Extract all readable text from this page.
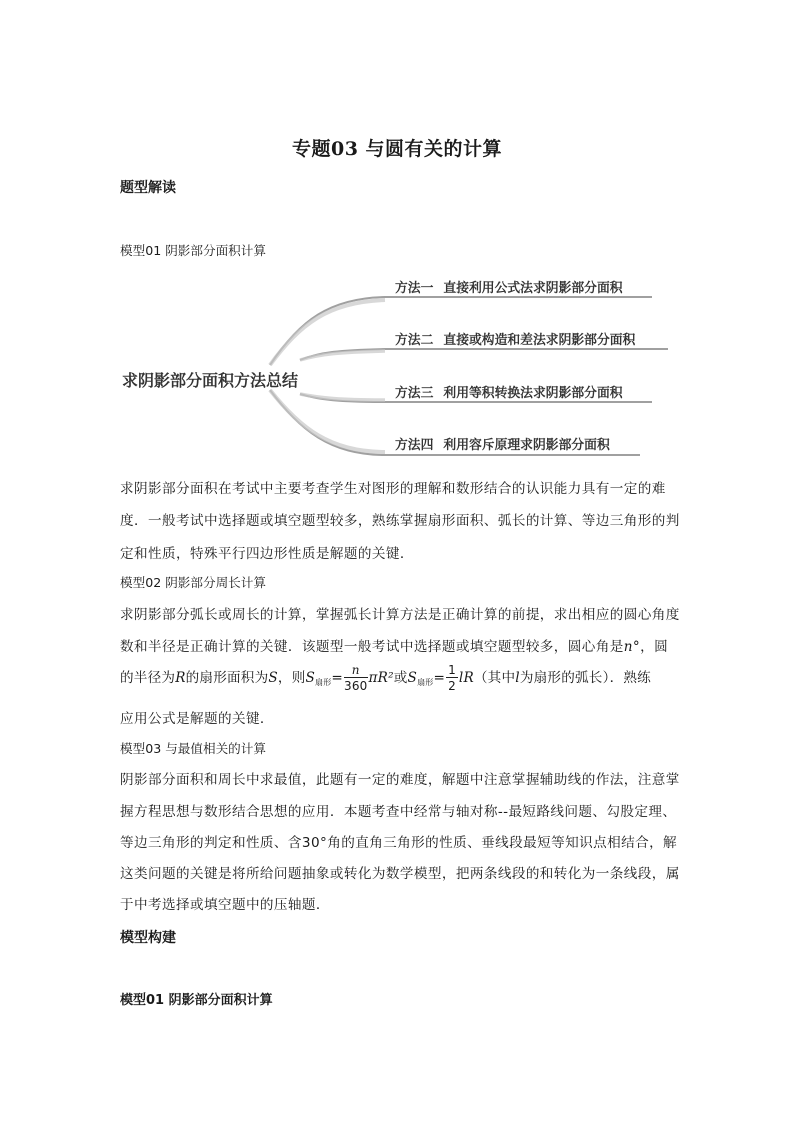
专题03 与圆有关的计算
题型解读
模型01 阴影部分面积计算
求阴影部分面积方法总结
方法一 直接利用公式法求阴影部分面积
方法二 直接或构造和差法求阴影部分面积
方法三 利用等积转换法求阴影部分面积
方法四 利用容斥原理求阴影部分面积
求阴影部分面积在考试中主要考查学生对图形的理解和数形结合的认识能力具有一定的难
度．一般考试中选择题或填空题型较多，熟练掌握扇形面积、弧长的计算、等边三角形的判
定和性质，特殊平行四边形性质是解题的关键．
模型02 阴影部分周长计算
求阴影部分弧长或周长的计算，掌握弧长计算方法是正确计算的前提，求出相应的圆心角度
数和半径是正确计算的关键．该题型一般考试中选择题或填空题型较多，圆心角是n°，圆
的半径为R的扇形面积为S，则$S_{扇形}= \frac{n}{360} \pi R^2$或$S_{扇形}= \frac{1}{2} lR$（其中l为扇形的弧长）．熟练
应用公式是解题的关键．
模型03 与最值相关的计算
阴影部分面积和周长中求最值，此题有一定的难度，解题中注意掌握辅助线的作法，注意掌
握方程思想与数形结合思想的应用．本题考查中经常与轴对称--最短路线问题、勾股定理、
等边三角形的判定和性质、含30°角的直角三角形的性质、垂线段最短等知识点相结合，解
这类问题的关键是将所给问题抽象或转化为数学模型，把两条线段的和转化为一条线段，属
于中考选择或填空题中的压轴题．
模型构建
模型01 阴影部分面积计算
